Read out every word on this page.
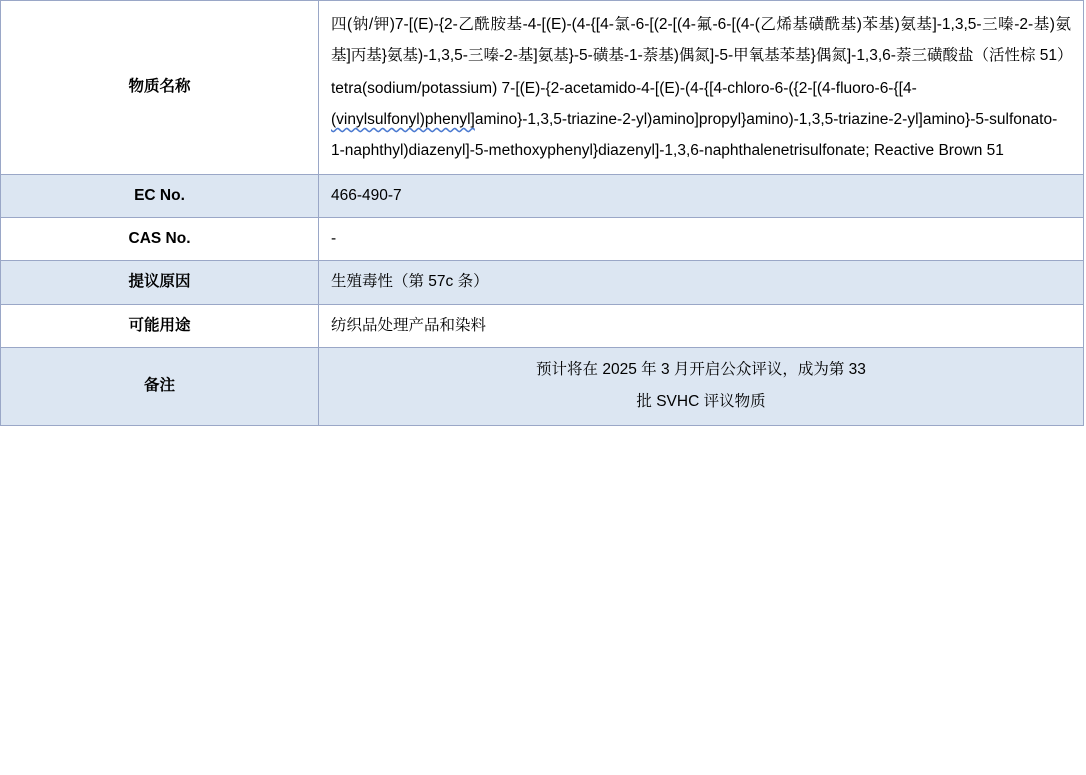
物质名称	四(钠/钾)7-[(E)-{2-乙酰胺基-4-[(E)-(4-{[4-氯-6-[(2-[(4-氟-6-[(4-(乙烯基磺酰基)苯基)氨基]-1,3,5-三嗪-2-基)氨基]丙基}氨基)-1,3,5-三嗪-2-基]氨基}-5-磺基-1-萘基)偶氮]-5-甲氧基苯基}偶氮]-1,3,6-萘三磺酸盐（活性棕 51）
tetra(sodium/potassium) 7-[(E)-{2-acetamido-4-[(E)-(4-{[4-chloro-6-({2-[(4-fluoro-6-{[4-(vinylsulfonyl)phenyl]amino}-1,3,5-triazine-2-yl)amino]propyl}amino)-1,3,5-triazine-2-yl]amino}-5-sulfonato-1-naphthyl)diazenyl]-5-methoxyphenyl}diazenyl]-1,3,6-naphthalenetrisulfonate; Reactive Brown 51

EC No.	466-490-7
CAS No.	-
提议原因	生殖毒性（第 57c 条）
可能用途	纺织品处理产品和染料
备注	预计将在 2025 年 3 月开启公众评议，成为第 33
批 SVHC 评议物质
